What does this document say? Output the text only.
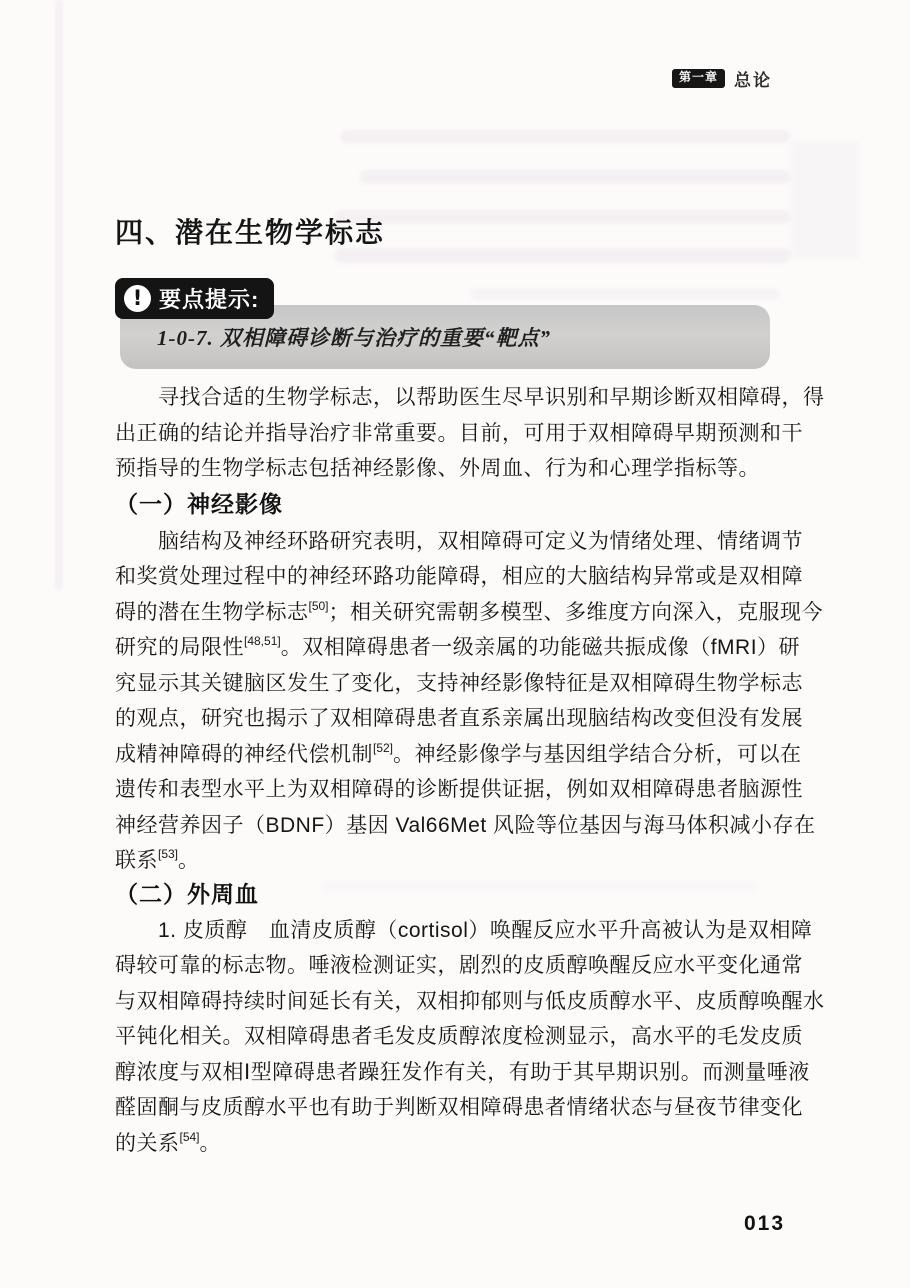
第一章 总论
四、潜在生物学标志
! 要点提示:
1-0-7. 双相障碍诊断与治疗的重要“靶点”
　　寻找合适的生物学标志，以帮助医生尽早识别和早期诊断双相障碍，得
出正确的结论并指导治疗非常重要。目前，可用于双相障碍早期预测和干
预指导的生物学标志包括神经影像、外周血、行为和心理学指标等。
（一）神经影像
　　脑结构及神经环路研究表明，双相障碍可定义为情绪处理、情绪调节
和奖赏处理过程中的神经环路功能障碍，相应的大脑结构异常或是双相障
碍的潜在生物学标志[50]；相关研究需朝多模型、多维度方向深入，克服现今
研究的局限性[48,51]。双相障碍患者一级亲属的功能磁共振成像（fMRI）研
究显示其关键脑区发生了变化，支持神经影像特征是双相障碍生物学标志
的观点，研究也揭示了双相障碍患者直系亲属出现脑结构改变但没有发展
成精神障碍的神经代偿机制[52]。神经影像学与基因组学结合分析，可以在
遗传和表型水平上为双相障碍的诊断提供证据，例如双相障碍患者脑源性
神经营养因子（BDNF）基因 Val66Met 风险等位基因与海马体积减小存在
联系[53]。
（二）外周血
　　1. 皮质醇　血清皮质醇（cortisol）唤醒反应水平升高被认为是双相障
碍较可靠的标志物。唾液检测证实，剧烈的皮质醇唤醒反应水平变化通常
与双相障碍持续时间延长有关，双相抑郁则与低皮质醇水平、皮质醇唤醒水
平钝化相关。双相障碍患者毛发皮质醇浓度检测显示，高水平的毛发皮质
醇浓度与双相Ⅰ型障碍患者躁狂发作有关，有助于其早期识别。而测量唾液
醛固酮与皮质醇水平也有助于判断双相障碍患者情绪状态与昼夜节律变化
的关系[54]。
013
